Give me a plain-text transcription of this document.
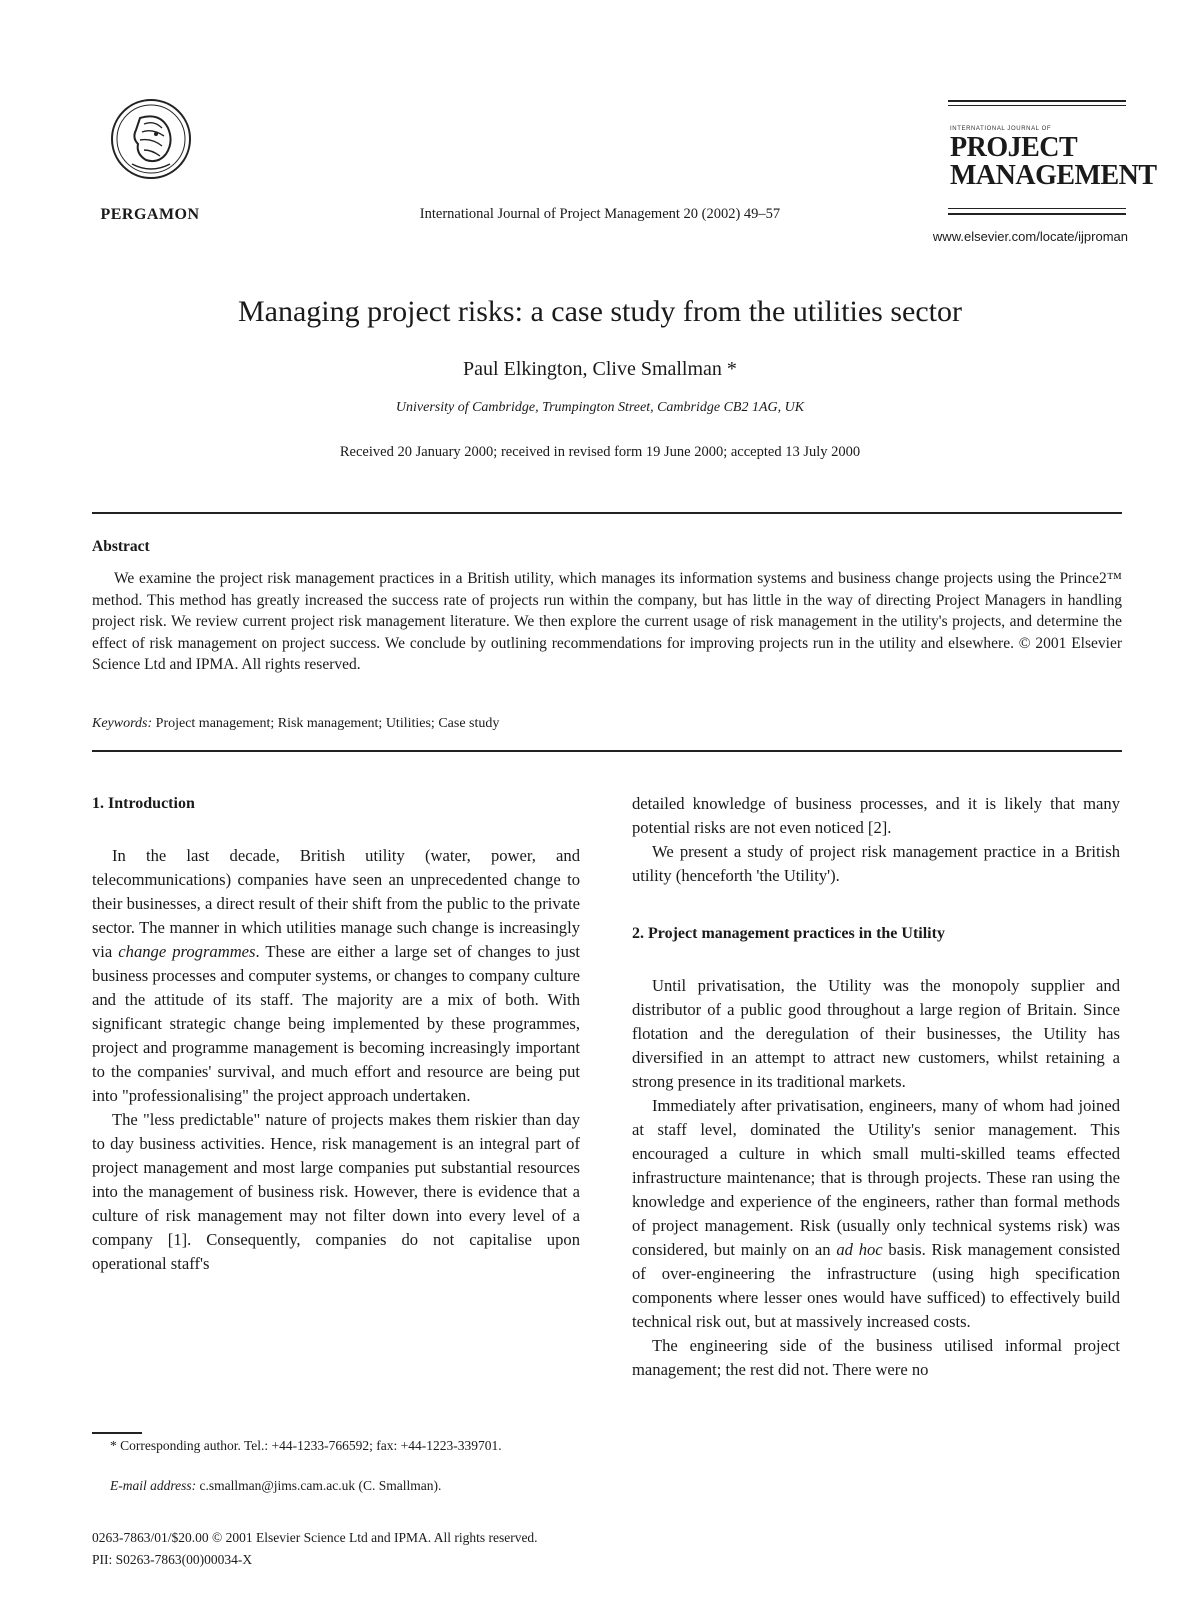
PERGAMON	International Journal of Project Management 20 (2002) 49–57
INTERNATIONAL JOURNAL OF
PROJECT
MANAGEMENT
www.elsevier.com/locate/ijproman
Managing project risks: a case study from the utilities sector
Paul Elkington, Clive Smallman *
University of Cambridge, Trumpington Street, Cambridge CB2 1AG, UK
Received 20 January 2000; received in revised form 19 June 2000; accepted 13 July 2000
Abstract
We examine the project risk management practices in a British utility, which manages its information systems and business change projects using the Prince2™ method. This method has greatly increased the success rate of projects run within the company, but has little in the way of directing Project Managers in handling project risk. We review current project risk management literature. We then explore the current usage of risk management in the utility's projects, and determine the effect of risk management on project success. We conclude by outlining recommendations for improving projects run in the utility and elsewhere. © 2001 Elsevier Science Ltd and IPMA. All rights reserved.
Keywords: Project management; Risk management; Utilities; Case study
1. Introduction

In the last decade, British utility (water, power, and telecommunications) companies have seen an unprecedented change to their businesses, a direct result of their shift from the public to the private sector. The manner in which utilities manage such change is increasingly via change programmes. These are either a large set of changes to just business processes and computer systems, or changes to company culture and the attitude of its staff. The majority are a mix of both. With significant strategic change being implemented by these programmes, project and programme management is becoming increasingly important to the companies' survival, and much effort and resource are being put into "professionalising" the project approach undertaken.

The "less predictable" nature of projects makes them riskier than day to day business activities. Hence, risk management is an integral part of project management and most large companies put substantial resources into the management of business risk. However, there is evidence that a culture of risk management may not filter down into every level of a company [1]. Consequently, companies do not capitalise upon operational staff's

detailed knowledge of business processes, and it is likely that many potential risks are not even noticed [2].

We present a study of project risk management practice in a British utility (henceforth 'the Utility').

2. Project management practices in the Utility

Until privatisation, the Utility was the monopoly supplier and distributor of a public good throughout a large region of Britain. Since flotation and the deregulation of their businesses, the Utility has diversified in an attempt to attract new customers, whilst retaining a strong presence in its traditional markets.

Immediately after privatisation, engineers, many of whom had joined at staff level, dominated the Utility's senior management. This encouraged a culture in which small multi-skilled teams effected infrastructure maintenance; that is through projects. These ran using the knowledge and experience of the engineers, rather than formal methods of project management. Risk (usually only technical systems risk) was considered, but mainly on an ad hoc basis. Risk management consisted of over-engineering the infrastructure (using high specification components where lesser ones would have sufficed) to effectively build technical risk out, but at massively increased costs.

The engineering side of the business utilised informal project management; the rest did not. There were no

* Corresponding author. Tel.: +44-1233-766592; fax: +44-1223-339701.
E-mail address: c.smallman@jims.cam.ac.uk (C. Smallman).
0263-7863/01/$20.00 © 2001 Elsevier Science Ltd and IPMA. All rights reserved.
PII: S0263-7863(00)00034-X
